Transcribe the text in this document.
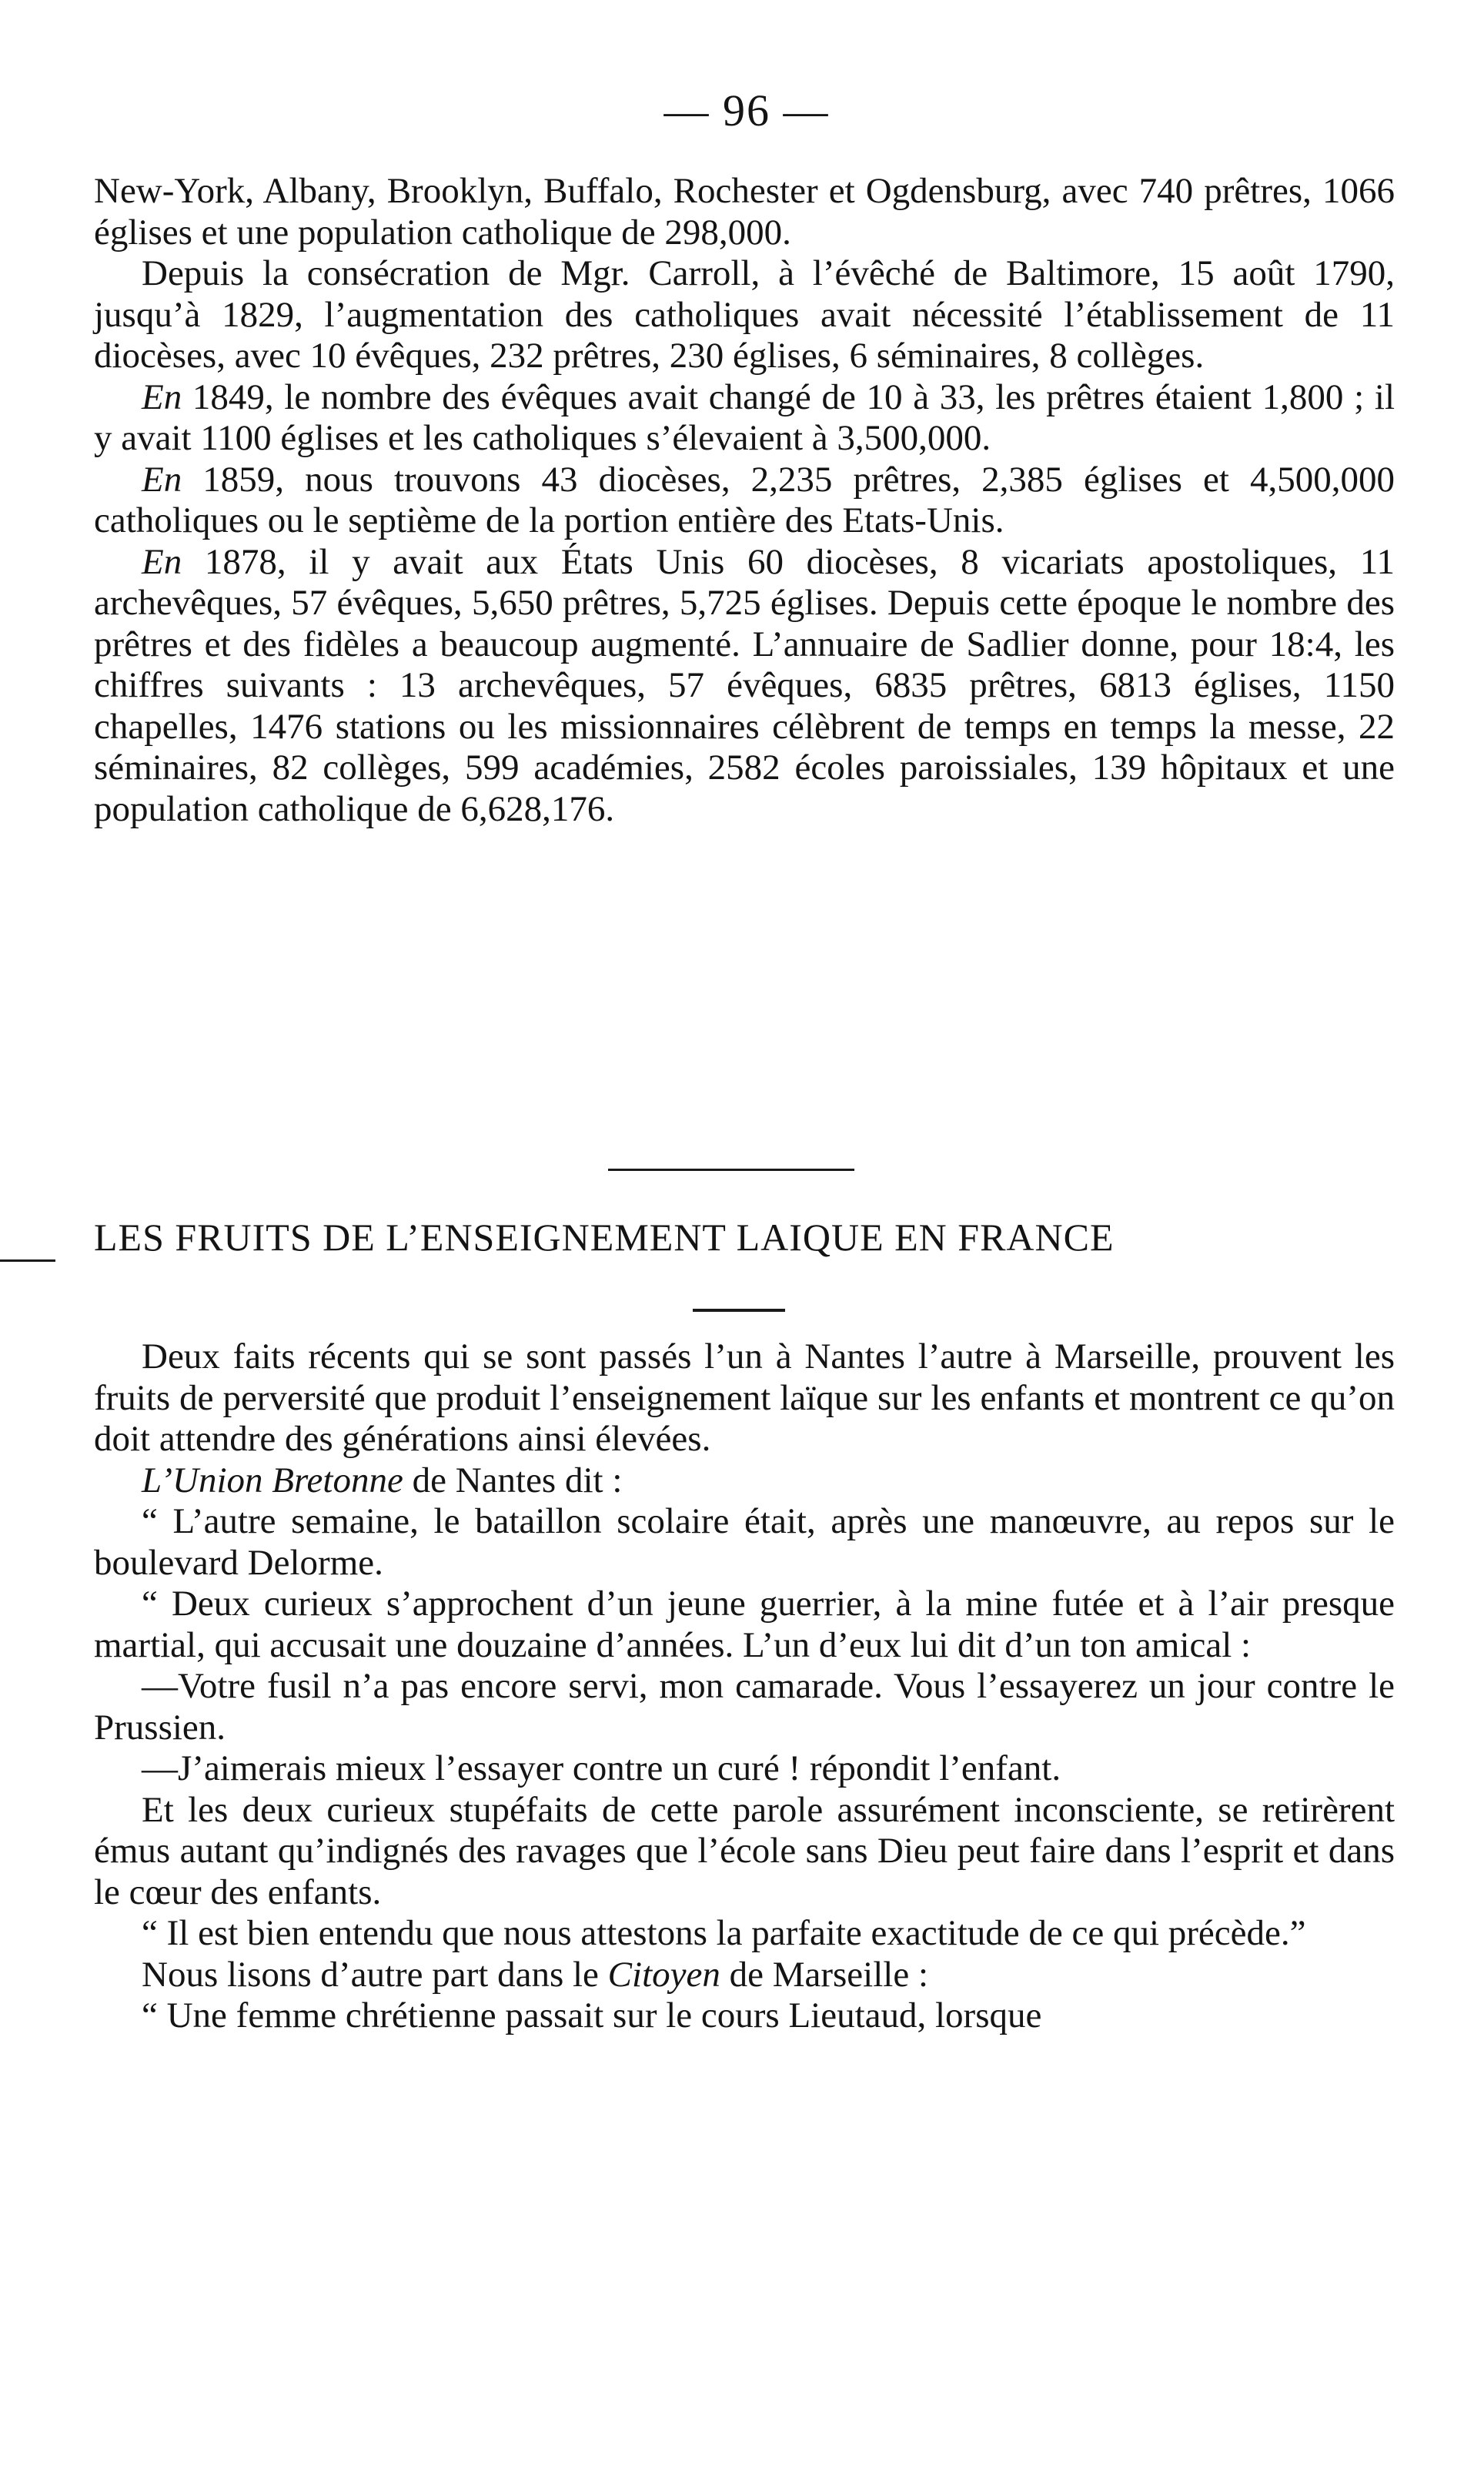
— 96 —

New-York, Albany, Brooklyn, Buffalo, Rochester et Ogdensburg, avec 740 prêtres, 1066 églises et une population catholique de 298,000.

Depuis la consécration de Mgr. Carroll, à l’évêché de Baltimore, 15 août 1790, jusqu’à 1829, l’augmentation des catholiques avait nécessité l’établissement de 11 diocèses, avec 10 évêques, 232 prêtres, 230 églises, 6 séminaires, 8 collèges.

En 1849, le nombre des évêques avait changé de 10 à 33, les prêtres étaient 1,800 ; il y avait 1100 églises et les catholiques s’élevaient à 3,500,000.

En 1859, nous trouvons 43 diocèses, 2,235 prêtres, 2,385 églises et 4,500,000 catholiques ou le septième de la portion entière des Etats-Unis.

En 1878, il y avait aux États Unis 60 diocèses, 8 vicariats apostoliques, 11 archevêques, 57 évêques, 5,650 prêtres, 5,725 églises. Depuis cette époque le nombre des prêtres et des fidèles a beaucoup augmenté. L’annuaire de Sadlier donne, pour 18:4, les chiffres suivants : 13 archevêques, 57 évêques, 6835 prêtres, 6813 églises, 1150 chapelles, 1476 stations ou les missionnaires célèbrent de temps en temps la messe, 22 séminaires, 82 collèges, 599 académies, 2582 écoles paroissiales, 139 hôpitaux et une population catholique de 6,628,176.

LES FRUITS DE L’ENSEIGNEMENT LAIQUE EN FRANCE

Deux faits récents qui se sont passés l’un à Nantes l’autre à Marseille, prouvent les fruits de perversité que produit l’enseignement laïque sur les enfants et montrent ce qu’on doit attendre des générations ainsi élevées.

L’Union Bretonne de Nantes dit :

“ L’autre semaine, le bataillon scolaire était, après une manœuvre, au repos sur le boulevard Delorme.

“ Deux curieux s’approchent d’un jeune guerrier, à la mine futée et à l’air presque martial, qui accusait une douzaine d’années. L’un d’eux lui dit d’un ton amical :

—Votre fusil n’a pas encore servi, mon camarade. Vous l’essayerez un jour contre le Prussien.

—J’aimerais mieux l’essayer contre un curé ! répondit l’enfant.

Et les deux curieux stupéfaits de cette parole assurément inconsciente, se retirèrent émus autant qu’indignés des ravages que l’école sans Dieu peut faire dans l’esprit et dans le cœur des enfants.

“ Il est bien entendu que nous attestons la parfaite exactitude de ce qui précède.”

Nous lisons d’autre part dans le Citoyen de Marseille :

“ Une femme chrétienne passait sur le cours Lieutaud, lorsque
